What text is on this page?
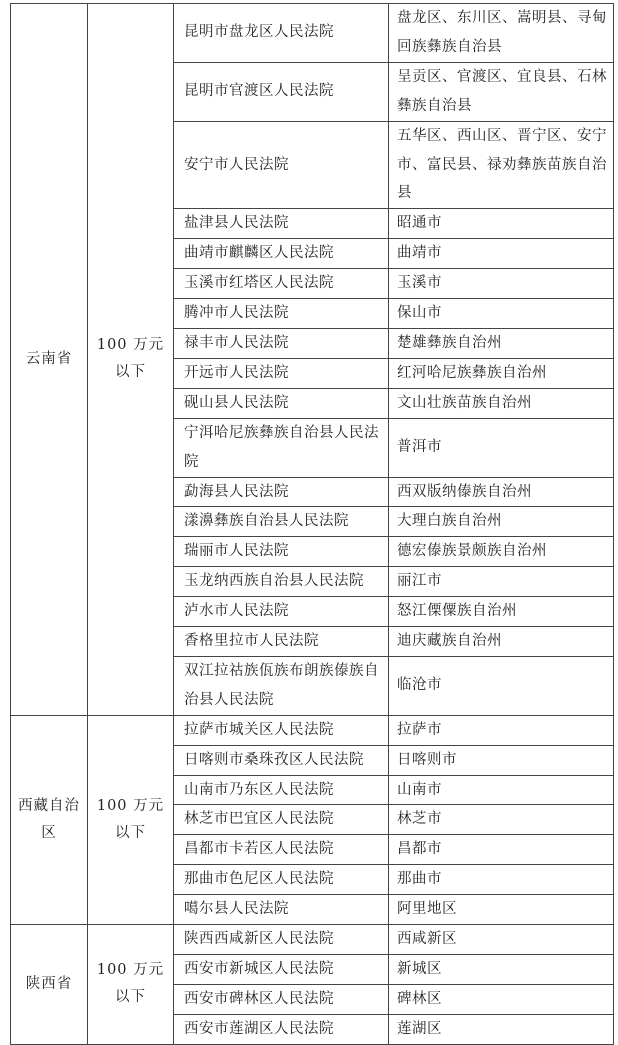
云南省	100 万元以下	昆明市盘龙区人民法院	盘龙区、东川区、嵩明县、寻甸回族彝族自治县
		昆明市官渡区人民法院	呈贡区、官渡区、宜良县、石林彝族自治县
		安宁市人民法院	五华区、西山区、晋宁区、安宁市、富民县、禄劝彝族苗族自治县
		盐津县人民法院	昭通市
		曲靖市麒麟区人民法院	曲靖市
		玉溪市红塔区人民法院	玉溪市
		腾冲市人民法院	保山市
		禄丰市人民法院	楚雄彝族自治州
		开远市人民法院	红河哈尼族彝族自治州
		砚山县人民法院	文山壮族苗族自治州
		宁洱哈尼族彝族自治县人民法院	普洱市
		勐海县人民法院	西双版纳傣族自治州
		漾濞彝族自治县人民法院	大理白族自治州
		瑞丽市人民法院	德宏傣族景颇族自治州
		玉龙纳西族自治县人民法院	丽江市
		泸水市人民法院	怒江傈僳族自治州
		香格里拉市人民法院	迪庆藏族自治州
		双江拉祜族佤族布朗族傣族自治县人民法院	临沧市

西藏自治区	100 万元以下	拉萨市城关区人民法院	拉萨市
		日喀则市桑珠孜区人民法院	日喀则市
		山南市乃东区人民法院	山南市
		林芝市巴宜区人民法院	林芝市
		昌都市卡若区人民法院	昌都市
		那曲市色尼区人民法院	那曲市
		噶尔县人民法院	阿里地区

陕西省	100 万元以下	陕西西咸新区人民法院	西咸新区
		西安市新城区人民法院	新城区
		西安市碑林区人民法院	碑林区
		西安市莲湖区人民法院	莲湖区
